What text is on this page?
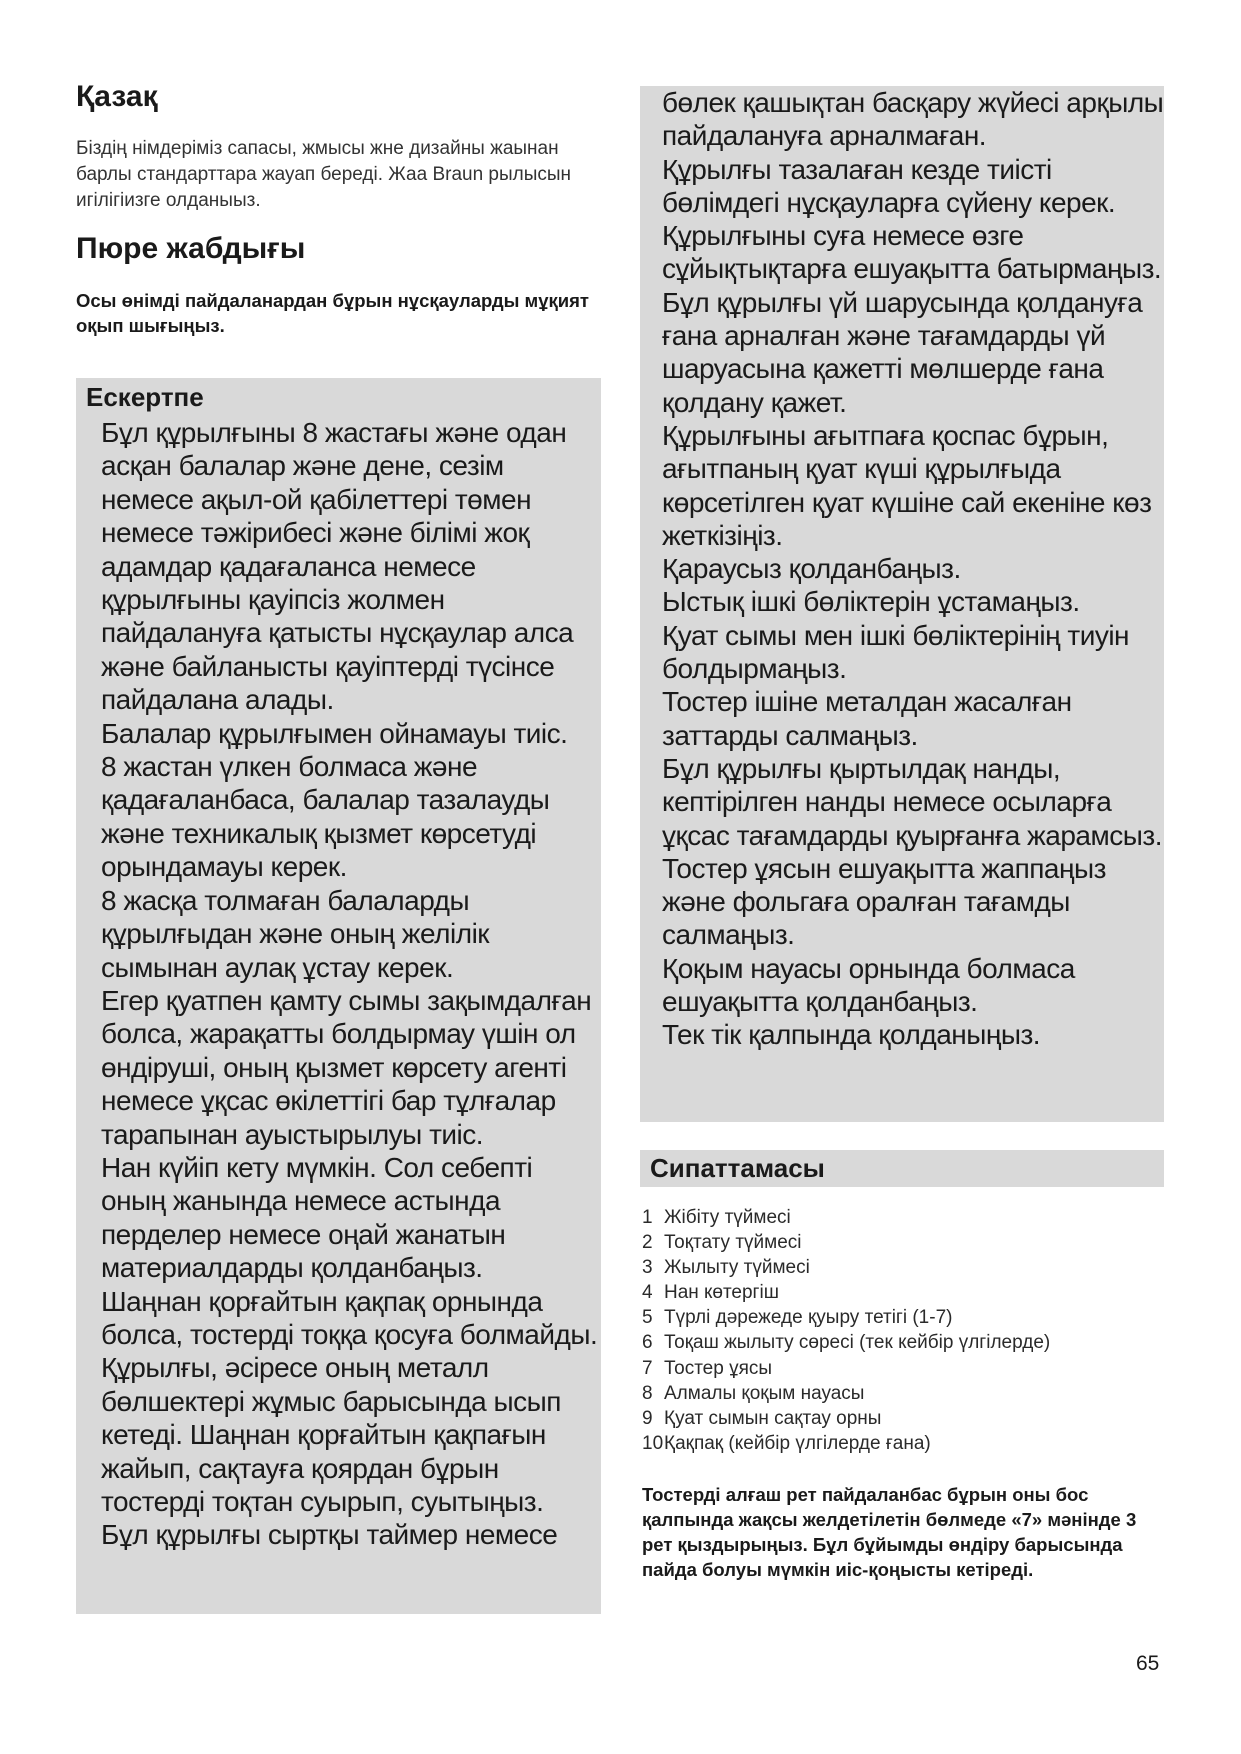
Қазақ

Біздің німдеріміз сапасы, жмысы жне дизайны жаынан барлы стандарттара жауап береді. Жаа Braun рылысын игілігіизге олданыыз.

Пюре жабдығы

Осы өнімді пайдаланардан бұрын нұсқауларды мұқият оқып шығыңыз.

Ескертпе
Бұл құрылғыны 8 жастағы және одан асқан балалар және дене, сезім немесе ақыл-ой қабілеттері төмен немесе тәжірибесі және білімі жоқ адамдар қадағаланса немесе құрылғыны қауіпсіз жолмен пайдалануға қатысты нұсқаулар алса және байланысты қауіптерді түсінсе пайдалана алады.
Балалар құрылғымен ойнамауы тиіс.
8 жастан үлкен болмаса және қадағаланбаса, балалар тазалауды және техникалық қызмет көрсетуді орындамауы керек.
8 жасқа толмаған балаларды құрылғыдан және оның желілік сымынан аулақ ұстау керек.
Егер қуатпен қамту сымы зақымдалған болса, жарақатты болдырмау үшін ол өндіруші, оның қызмет көрсету агенті немесе ұқсас өкілеттігі бар тұлғалар тарапынан ауыстырылуы тиіс.
Нан күйіп кету мүмкін. Сол себепті оның жанында немесе астында перделер немесе оңай жанатын материалдарды қолданбаңыз.
Шаңнан қорғайтын қақпақ орнында болса, тостерді тоққа қосуға болмайды.
Құрылғы, әсіресе оның металл бөлшектері жұмыс барысында ысып кетеді. Шаңнан қорғайтын қақпағын жайып, сақтауға қоярдан бұрын тостерді тоқтан суырып, суытыңыз.
Бұл құрылғы сыртқы таймер немесе
бөлек қашықтан басқару жүйесі арқылы пайдалануға арналмаған.
Құрылғы тазалаған кезде тиісті бөлімдегі нұсқауларға сүйену керек.
Құрылғыны суға немесе өзге сұйықтықтарға ешуақытта батырмаңыз.
Бұл құрылғы үй шарусында қолдануға ғана арналған және тағамдарды үй шаруасына қажетті мөлшерде ғана қолдану қажет.
Құрылғыны ағытпаға қоспас бұрын, ағытпаның қуат күші құрылғыда көрсетілген қуат күшіне сай екеніне көз жеткізіңіз.
Қараусыз қолданбаңыз.
Ыстық ішкі бөліктерін ұстамаңыз.
Қуат сымы мен ішкі бөліктерінің тиуін болдырмаңыз.
Тостер ішіне металдан жасалған заттарды салмаңыз.
Бұл құрылғы қыртылдақ нанды, кептірілген нанды немесе осыларға ұқсас тағамдарды қуырғанға жарамсыз.
Тостер ұясын ешуақытта жаппаңыз және фольгаға оралған тағамды салмаңыз.
Қоқым науасы орнында болмаса ешуақытта қолданбаңыз.
Тек тік қалпында қолданыңыз.
Сипаттамасы
1 Жібіту түймесі
2 Тоқтату түймесі
3 Жылыту түймесі
4 Нан көтергіш
5 Түрлі дәрежеде қуыру тетігі (1-7)
6 Тоқаш жылыту сөресі (тек кейбір үлгілерде)
7 Тостер ұясы
8 Алмалы қоқым науасы
9 Қуат сымын сақтау орны
10Қақпақ (кейбір үлгілерде ғана)

Тостерді алғаш рет пайдаланбас бұрын оны бос қалпында жақсы желдетілетін бөлмеде «7» мәнінде 3 рет қыздырыңыз. Бұл бұйымды өндіру барысында пайда болуы мүмкін иіс-қоңысты кетіреді.

65
